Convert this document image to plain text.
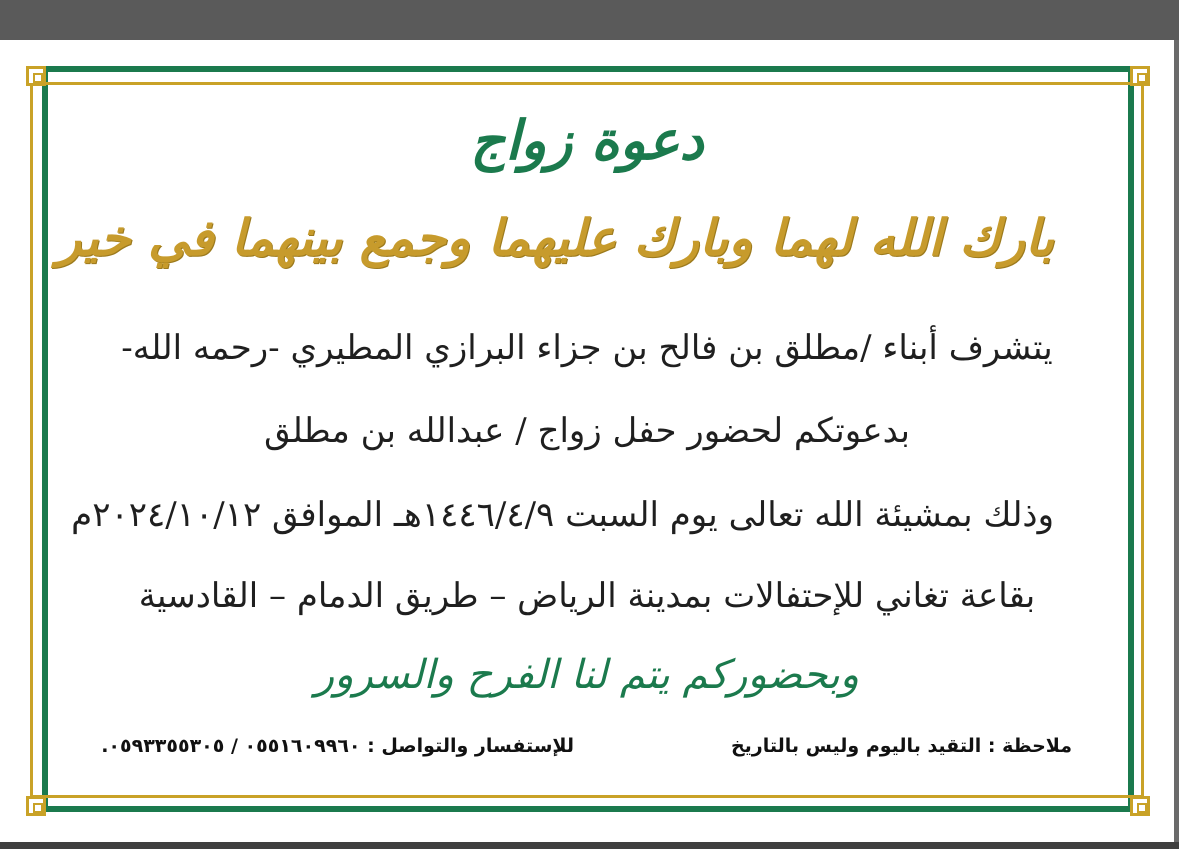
دعوة زواج
بارك الله لهما وبارك عليهما وجمع بينهما في خير
يتشرف أبناء /مطلق بن فالح بن جزاء البرازي المطيري -رحمه الله-
بدعوتكم لحضور حفل زواج / عبدالله بن مطلق
وذلك بمشيئة الله تعالى يوم السبت ١٤٤٦/٤/٩هـ الموافق ٢٠٢٤/١٠/١٢م
بقاعة تغاني للإحتفالات بمدينة الرياض – طريق الدمام – القادسية
وبحضوركم يتم لنا الفرح والسرور
ملاحظة : التقيد باليوم وليس بالتاريخ
للإستفسار والتواصل : ٠٥٥١٦٠٩٩٦٠ / ٠٥٩٣٣٥٥٣٠٥.
